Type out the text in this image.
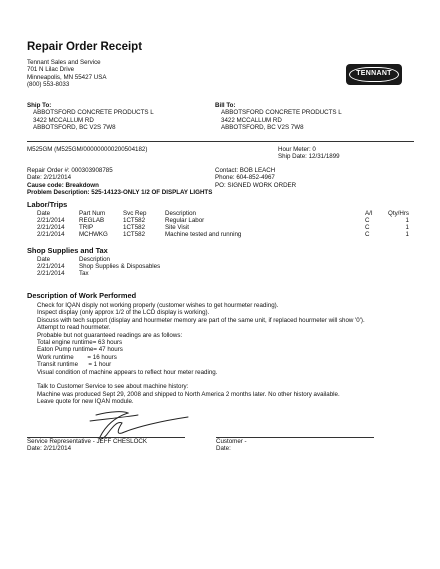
Repair Order Receipt
Tennant Sales and Service
701 N Lilac Drive
Minneapolis, MN 55427 USA
(800) 553-8033
TENNANT
Ship To:
ABBOTSFORD CONCRETE PRODUCTS L
3422 MCCALLUM RD
ABBOTSFORD, BC V2S 7W8
Bill To:
ABBOTSFORD CONCRETE PRODUCTS L
3422 MCCALLUM RD
ABBOTSFORD, BC V2S 7W8
M525GM (M525GM/000000000200504182)	Hour Meter: 0
Ship Date: 12/31/1899
Repair Order #: 000303908785
Date: 2/21/2014
Cause code: Breakdown
Problem Description: 525-14123-ONLY 1/2 OF DISPLAY LIGHTS
Contact: BOB LEACH
Phone: 604-852-4967
PO: SIGNED WORK ORDER
Labor/Trips
Date	Part Num	Svc Rep	Description	A/I	Qty/Hrs
2/21/2014	REGLAB	1CT582	Regular Labor	C	1
2/21/2014	TRIP	1CT582	Site Visit	C	1
2/21/2014	MCHWKG	1CT582	Machine tested and running	C	1
Shop Supplies and Tax
Date	Description
2/21/2014	Shop Supplies & Disposables
2/21/2014	Tax
Description of Work Performed
Check for IQAN disply not working properly (customer wishes to get hourmeter reading).
Inspect display (only approx 1/2 of the LCD display is working).
Discuss with tech support (display and hourmeter memory are part of the same unit, if replaced hourmeter will show '0').
Attempt to read hourmeter.
Probable but not guaranteed readings are as follows:
Total engine runtime= 63 hours
Eaton Pump runtime= 47 hours
Work runtime        = 16 hours
Transit runtime      = 1 hour
Visual condition of machine appears to reflect hour meter reading.
Talk to Customer Service to see about machine history:
Machine was produced Sept 29, 2008 and shipped to North America 2 months later. No other history available.
Leave quote for new IQAN module.
Service Representative - JEFF CHESLOCK
Date: 2/21/2014
Customer -
Date:
